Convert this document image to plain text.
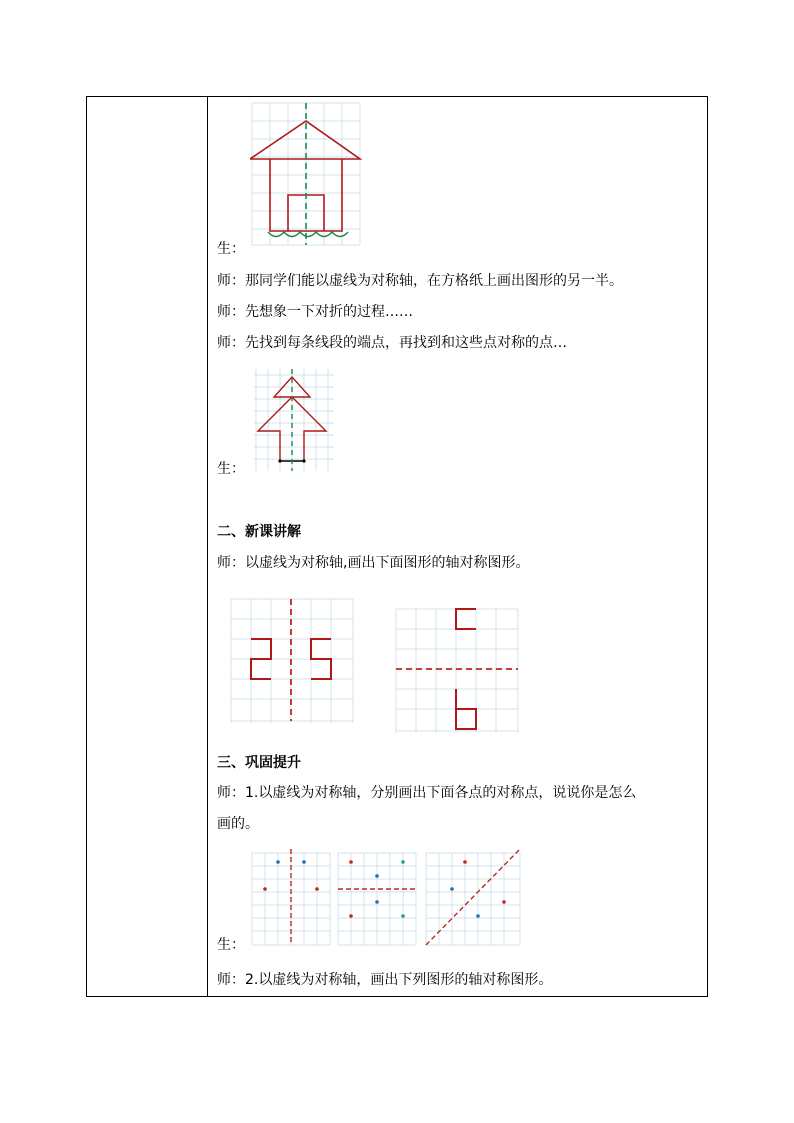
生：
师：那同学们能以虚线为对称轴，在方格纸上画出图形的另一半。
师：先想象一下对折的过程……
师：先找到每条线段的端点，再找到和这些点对称的点…
生：
二、新课讲解
师：以虚线为对称轴,画出下面图形的轴对称图形。
三、巩固提升
师：1.以虚线为对称轴，分别画出下面各点的对称点，说说你是怎么
画的。
生：
师：2.以虚线为对称轴，画出下列图形的轴对称图形。
